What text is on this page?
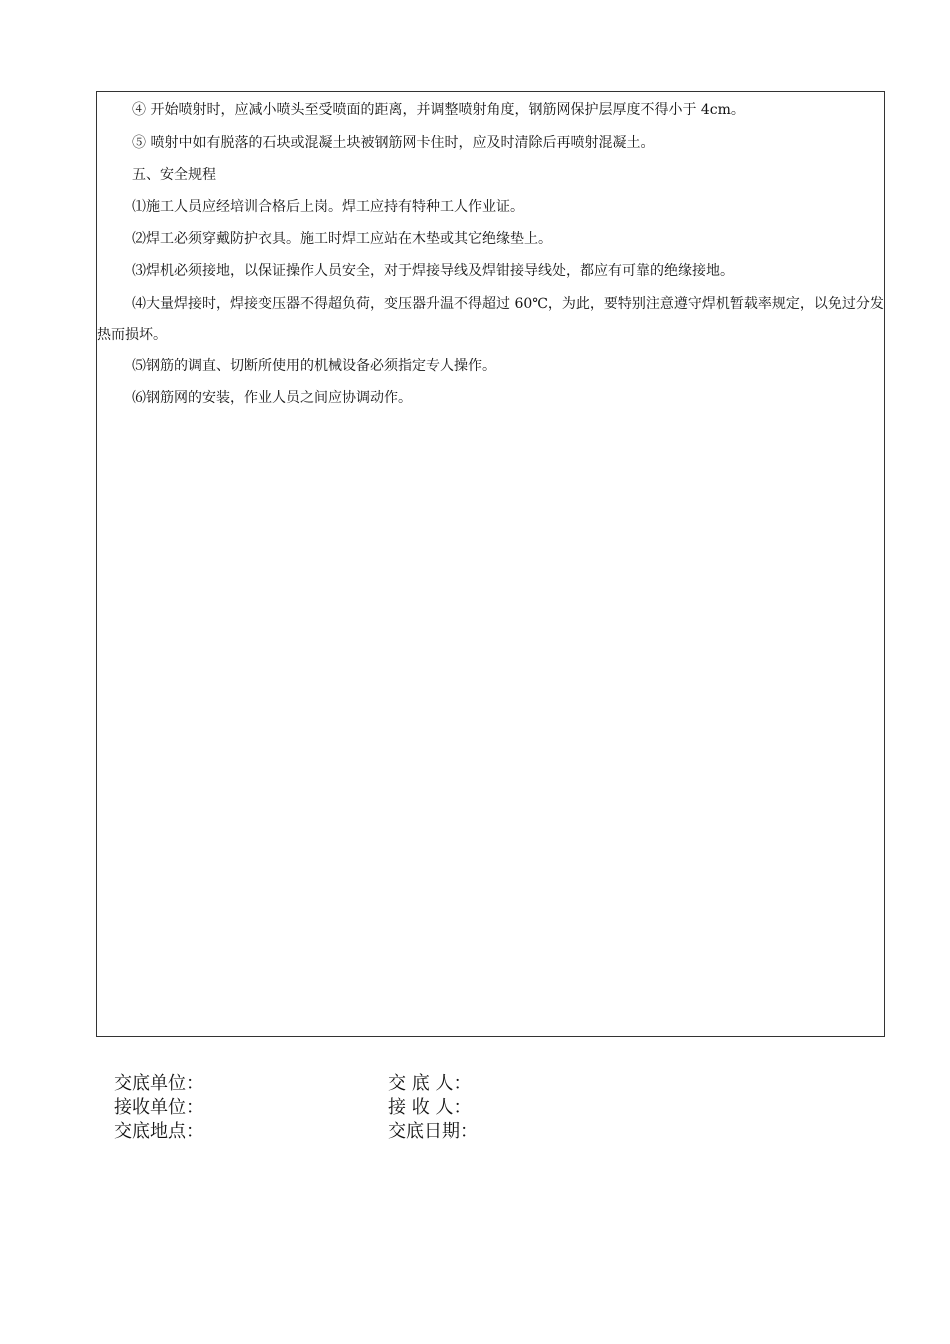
④ 开始喷射时，应减小喷头至受喷面的距离，并调整喷射角度，钢筋网保护层厚度不得小于 4cm。
⑤ 喷射中如有脱落的石块或混凝土块被钢筋网卡住时，应及时清除后再喷射混凝土。
五、安全规程
⑴施工人员应经培训合格后上岗。焊工应持有特种工人作业证。
⑵焊工必须穿戴防护衣具。施工时焊工应站在木垫或其它绝缘垫上。
⑶焊机必须接地，以保证操作人员安全，对于焊接导线及焊钳接导线处，都应有可靠的绝缘接地。
⑷大量焊接时，焊接变压器不得超负荷，变压器升温不得超过 60℃，为此，要特别注意遵守焊机暂载率规定，以免过分发热而损坏。
⑸钢筋的调直、切断所使用的机械设备必须指定专人操作。
⑹钢筋网的安装，作业人员之间应协调动作。
交底单位：	交 底 人：
接收单位：	接 收 人：
交底地点：	交底日期：
